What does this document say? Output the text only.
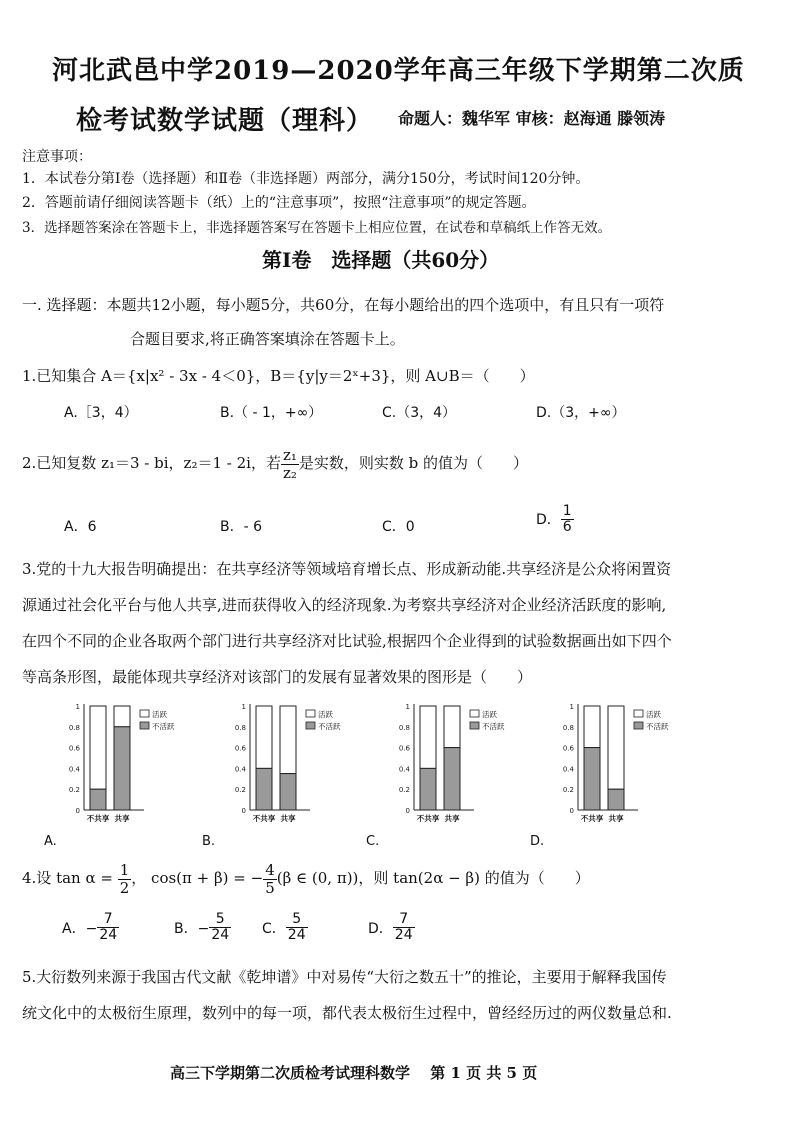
河北武邑中学2019—2020学年高三年级下学期第二次质
检考试数学试题（理科） 命题人：魏华军 审核：赵海通 滕领涛
注意事项：
1．本试卷分第Ⅰ卷（选择题）和Ⅱ卷（非选择题）两部分，满分150分，考试时间120分钟。
2．答题前请仔细阅读答题卡（纸）上的“注意事项”，按照“注意事项”的规定答题。
3．选择题答案涂在答题卡上，非选择题答案写在答题卡上相应位置，在试卷和草稿纸上作答无效。
第Ⅰ卷　选择题（共60分）
一. 选择题：本题共12小题，每小题5分，共60分，在每小题给出的四个选项中，有且只有一项符
合题目要求,将正确答案填涂在答题卡上。
1.已知集合 A＝{x|x² - 3x - 4＜0}，B＝{y|y＝2ˣ+3}，则 A∪B＝（　　）
A.［3，4）	B.（ - 1，+∞）	C.（3，4）	D.（3，+∞）
2.已知复数 z₁＝3 - bi，z₂＝1 - 2i，若 $\frac{\text{z₁}}{\text{z₂}}$ 是实数，则实数 b 的值为（　　）
A．6	B．- 6	C．0	D． $\frac{1}{6}$
3.党的十九大报告明确提出：在共享经济等领域培育增长点、形成新动能.共享经济是公众将闲置资
源通过社会化平台与他人共享,进而获得收入的经济现象.为考察共享经济对企业经济活跃度的影响,
在四个不同的企业各取两个部门进行共享经济对比试验,根据四个企业得到的试验数据画出如下四个
等高条形图，最能体现共享经济对该部门的发展有显著效果的图形是（　　）
0
0.2
0.4
0.6
0.8
1
不共享 共享
活跃
不活跃
0
0.2
0.4
0.6
0.8
1
不共享 共享
活跃
不活跃
0
0.2
0.4
0.6
0.8
1
不共享 共享
活跃
不活跃
0
0.2
0.4
0.6
0.8
1
不共享 共享
活跃
不活跃
A.	B.	C.	D.
4.设 $\tan \alpha = \frac{1}{2}$ ， cos(π + β) = − $\frac{4}{5} (\beta$ ∈ (0, π))，则 tan(2α − β) 的值为（　　）
A．− $\frac{7}{24}$	B．− $\frac{5}{24}$ C． $\frac{5}{24}$	D． $\frac{7}{24}$
5.大衍数列来源于我国古代文献《乾坤谱》中对易传“大衍之数五十”的推论，主要用于解释我国传
统文化中的太极衍生原理，数列中的每一项，都代表太极衍生过程中，曾经经历过的两仪数量总和.
高三下学期第二次质检考试理科数学　 第 1 页 共 5 页
